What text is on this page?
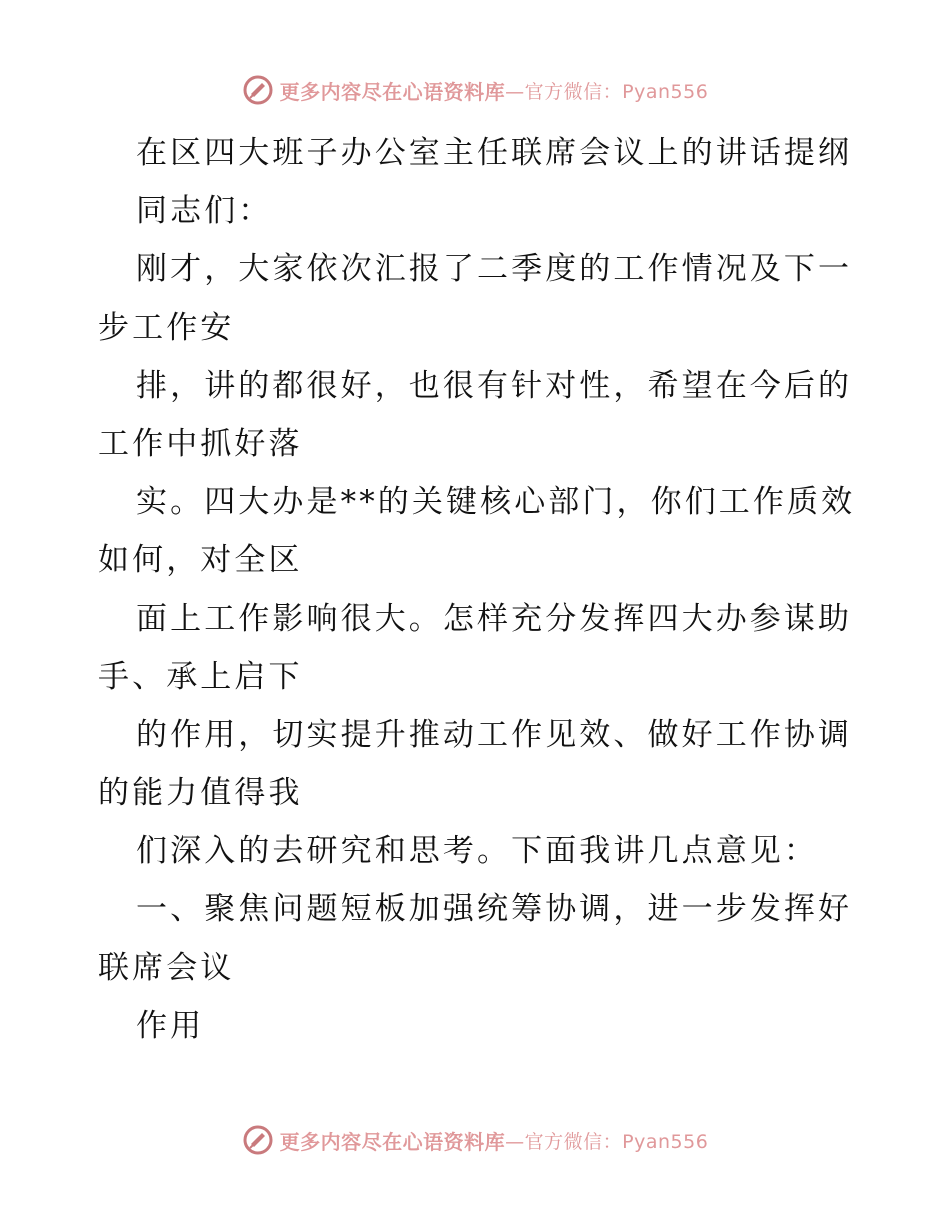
更多内容尽在心语资料库 —官方微信：Pyan556
在区四大班子办公室主任联席会议上的讲话提纲
同志们：
刚才，大家依次汇报了二季度的工作情况及下一
步工作安
排，讲的都很好，也很有针对性，希望在今后的
工作中抓好落
实。四大办是**的关键核心部门，你们工作质效
如何，对全区
面上工作影响很大。怎样充分发挥四大办参谋助
手、承上启下
的作用，切实提升推动工作见效、做好工作协调
的能力值得我
们深入的去研究和思考。下面我讲几点意见：
一、聚焦问题短板加强统筹协调，进一步发挥好
联席会议
作用
更多内容尽在心语资料库 —官方微信：Pyan556
